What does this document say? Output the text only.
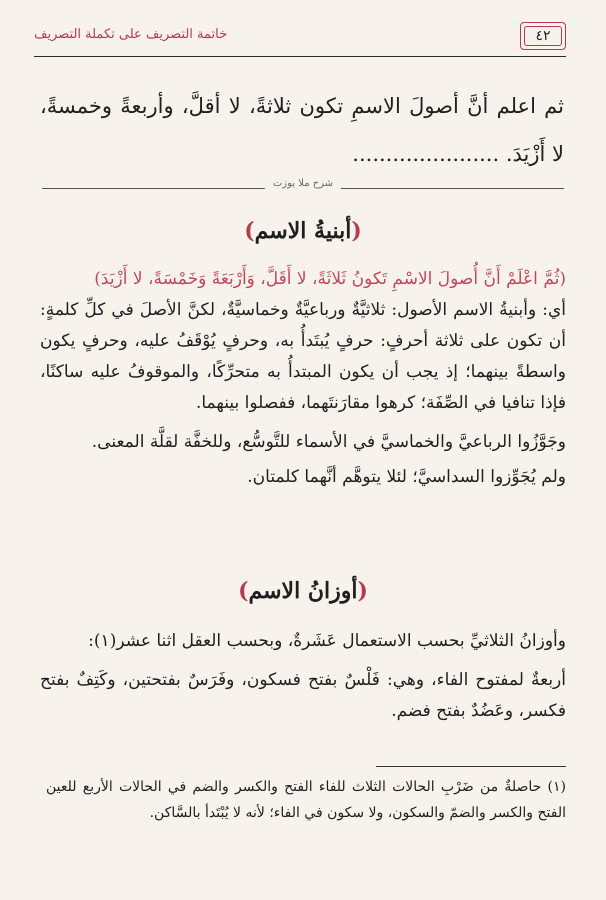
٤٢
خاتمة التصريف على تكملة التصريف

ثم اعلم أنَّ أصولَ الاسمِ تكون ثلاثةً، لا أقلَّ، وأربعةً وخمسةً، لا أَزْيَدَ. ......................

شرح ملا يوزت
(أبنيةُ الاسم)

(ثُمَّ اعْلَمْ أَنَّ أُصولَ الاسْمِ تَكونُ ثَلاثَةً، لا أَقَلَّ، وَأَرْبَعَةً وَخَمْسَةً، لا أَزْيَدَ)

أي: وأبنيةُ الاسم الأصول: ثلاثيَّةٌ ورباعيَّةٌ وخماسيَّةٌ، لكنَّ الأصلَ في كلِّ كلمةٍ: أن تكون على ثلاثة أحرفٍ: حرفٍ يُبتَدأُ به، وحرفٍ يُوْقَفُ عليه، وحرفٍ يكون واسطةً بينهما؛ إذ يجب أن يكون المبتدأُ به متحرِّكًا، والموقوفُ عليه ساكنًا، فإذا تنافيا في الصِّفَة؛ كرهوا مقارَنتَهما، ففصلوا بينهما.

وجَوَّزُوا الرباعيَّ والخماسيَّ في الأسماء للتَّوسُّع، وللخفَّة لقلَّة المعنى.

ولم يُجَوِّزوا السداسيَّ؛ لئلا يتوهَّم أنَّهما كلمتان.

(أوزانُ الاسم)

وأوزانُ الثلاثيِّ بحسب الاستعمال عَشَرةٌ، وبحسب العقل اثنا عشر(١):

أربعةٌ لمفتوح الفاء، وهي: فَلْسٌ بفتح فسكون، وفَرَسٌ بفتحتين، وكَتِفٌ بفتح فكسر، وعَضُدٌ بفتح فضم.

(١) حاصلةٌ من ضَرْبِ الحالات الثلاث للفاء الفتح والكسر والضم في الحالات الأربع للعين الفتح والكسر والضمّ والسكون، ولا سكون في الفاء؛ لأنه لا يُبْتَدأ بالسَّاكن.
